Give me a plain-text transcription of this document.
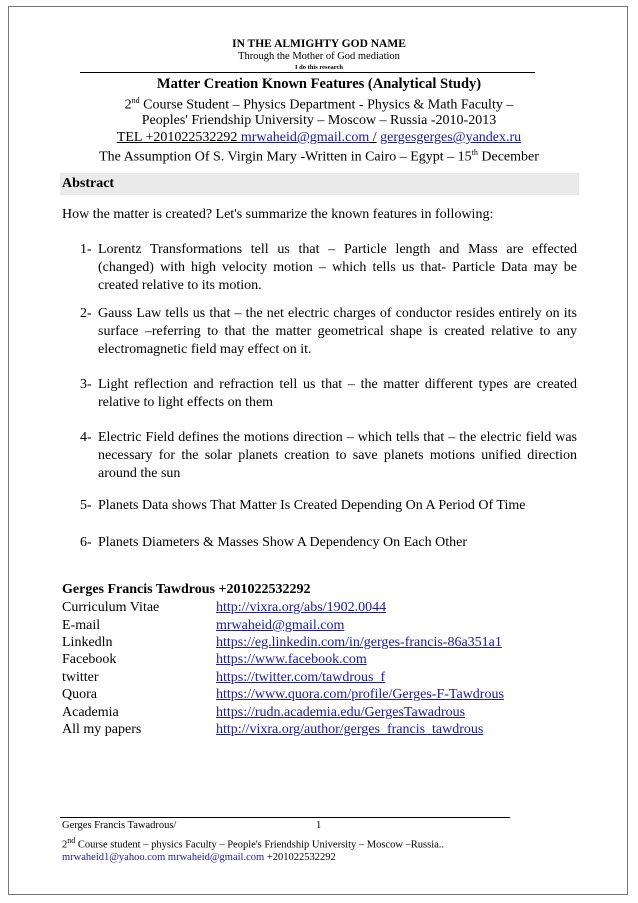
IN THE ALMIGHTY GOD NAME
Through the Mother of God mediation
I do this research
Matter Creation Known Features (Analytical Study)
2nd Course Student – Physics Department - Physics & Math Faculty –
Peoples' Friendship University – Moscow – Russia -2010-2013
TEL +201022532292 mrwaheid@gmail.com / gergesgerges@yandex.ru
The Assumption Of S. Virgin Mary -Written in Cairo – Egypt – 15th December
Abstract
How the matter is created? Let's summarize the known features in following:
1- Lorentz Transformations tell us that – Particle length and Mass are effected (changed) with high velocity motion – which tells us that- Particle Data may be created relative to its motion.
2- Gauss Law tells us that – the net electric charges of conductor resides entirely on its surface –referring to that the matter geometrical shape is created relative to any electromagnetic field may effect on it.
3- Light reflection and refraction tell us that – the matter different types are created relative to light effects on them
4- Electric Field defines the motions direction – which tells that – the electric field was necessary for the solar planets creation to save planets motions unified direction around the sun
5- Planets Data shows That Matter Is Created Depending On A Period Of Time
6- Planets Diameters & Masses Show A Dependency On Each Other
Gerges Francis Tawdrous +201022532292
Curriculum Vitae	http://vixra.org/abs/1902.0044
E-mail	mrwaheid@gmail.com
Linkedln	https://eg.linkedin.com/in/gerges-francis-86a351a1
Facebook	https://www.facebook.com
twitter	https://twitter.com/tawdrous_f
Quora	https://www.quora.com/profile/Gerges-F-Tawdrous
Academia	https://rudn.academia.edu/GergesTawadrous
All my papers	http://vixra.org/author/gerges_francis_tawdrous
Gerges Francis Tawadrous/	1
2nd Course student – physics Faculty – People's Friendship University – Moscow –Russia..
mrwaheid1@yahoo.com mrwaheid@gmail.com +201022532292
